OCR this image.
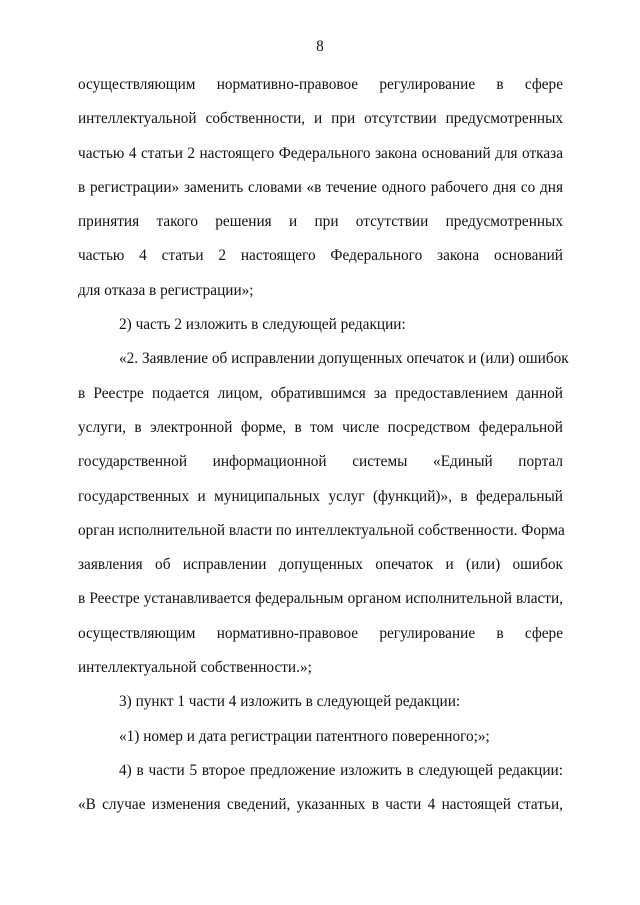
8
осуществляющим нормативно-правовое регулирование в сфере
интеллектуальной собственности, и при отсутствии предусмотренных
частью 4 статьи 2 настоящего Федерального закона оснований для отказа
в регистрации» заменить словами «в течение одного рабочего дня со дня
принятия такого решения и при отсутствии предусмотренных
частью 4 статьи 2 настоящего Федерального закона оснований
для отказа в регистрации»;
2) часть 2 изложить в следующей редакции:
«2. Заявление об исправлении допущенных опечаток и (или) ошибок
в Реестре подается лицом, обратившимся за предоставлением данной
услуги, в электронной форме, в том числе посредством федеральной
государственной информационной системы «Единый портал
государственных и муниципальных услуг (функций)», в федеральный
орган исполнительной власти по интеллектуальной собственности. Форма
заявления об исправлении допущенных опечаток и (или) ошибок
в Реестре устанавливается федеральным органом исполнительной власти,
осуществляющим нормативно-правовое регулирование в сфере
интеллектуальной собственности.»;
3) пункт 1 части 4 изложить в следующей редакции:
«1) номер и дата регистрации патентного поверенного;»;
4) в части 5 второе предложение изложить в следующей редакции:
«В случае изменения сведений, указанных в части 4 настоящей статьи,
